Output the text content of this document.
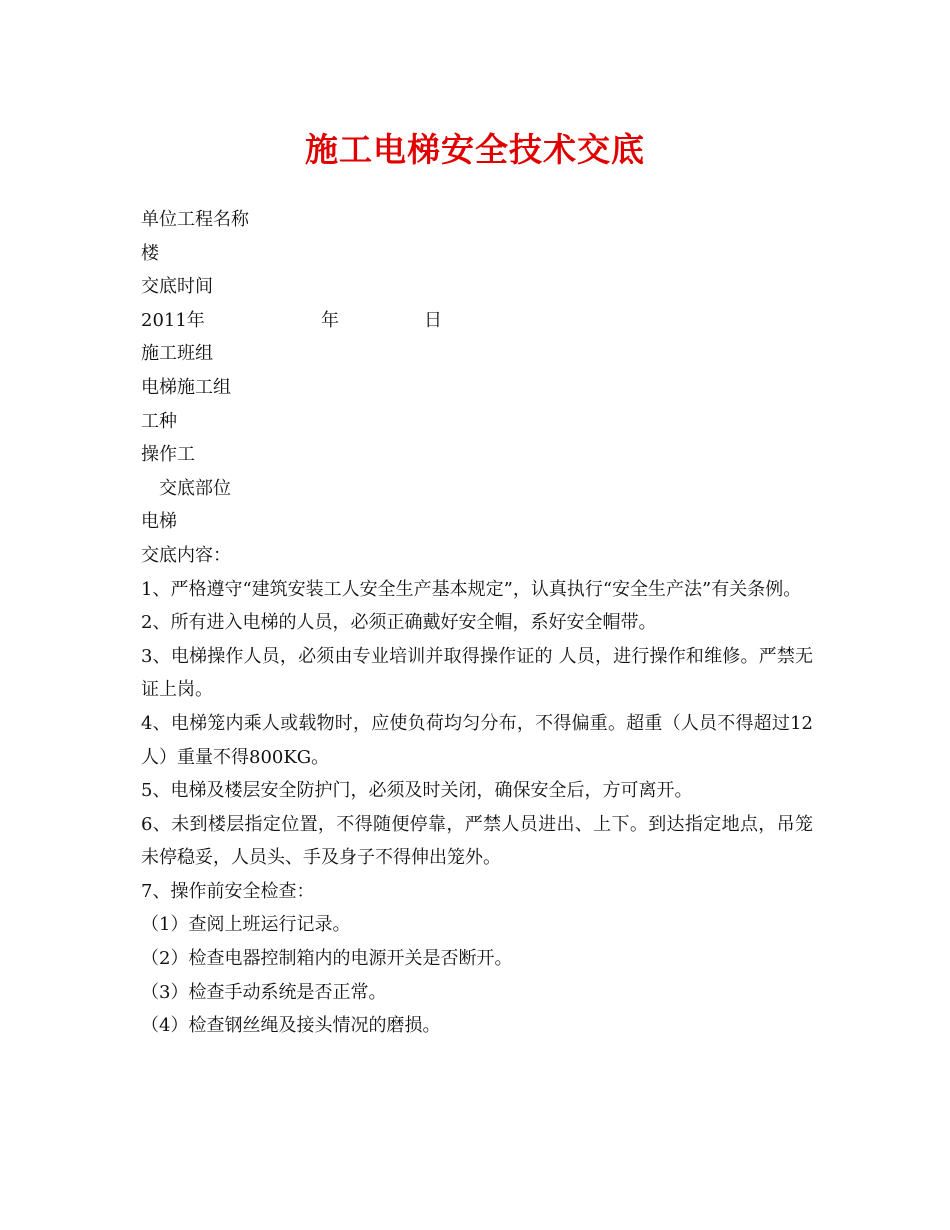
施工电梯安全技术交底

单位工程名称

楼

交底时间

2011年	年	日

施工班组

电梯施工组

工种

操作工

交底部位

电梯

交底内容：

1、严格遵守“建筑安装工人安全生产基本规定”，认真执行“安全生产法”有关条例。

2、所有进入电梯的人员，必须正确戴好安全帽，系好安全帽带。

3、电梯操作人员，必须由专业培训并取得操作证的 人员，进行操作和维修。严禁无证上岗。

4、电梯笼内乘人或载物时，应使负荷均匀分布，不得偏重。超重（人员不得超过12人）重量不得800KG。

5、电梯及楼层安全防护门，必须及时关闭，确保安全后，方可离开。

6、未到楼层指定位置，不得随便停靠，严禁人员进出、上下。到达指定地点，吊笼未停稳妥，人员头、手及身子不得伸出笼外。

7、操作前安全检查：

（1）查阅上班运行记录。

（2）检查电器控制箱内的电源开关是否断开。

（3）检查手动系统是否正常。

（4）检查钢丝绳及接头情况的磨损。
